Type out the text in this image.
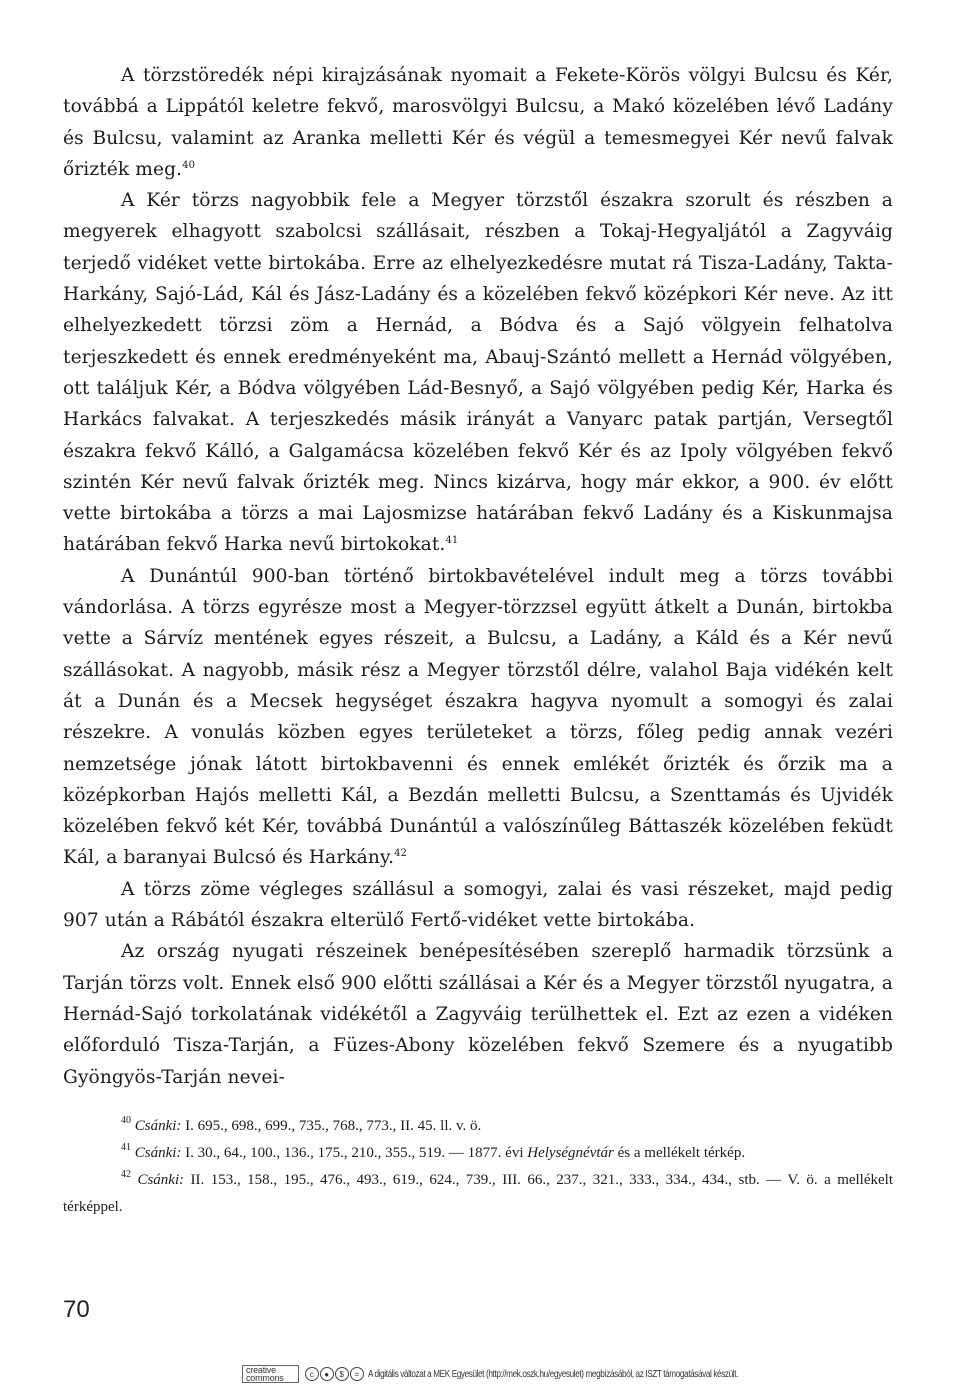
A törzstöredék népi kirajzásának nyomait a Fekete-Körös völgyi Bulcsu és Kér, továbbá a Lippától keletre fekvő, marosvölgyi Bulcsu, a Makó közelében lévő Ladány és Bulcsu, valamint az Aranka melletti Kér és végül a temesmegyei Kér nevű falvak őrizték meg.$^{40}$

A Kér törzs nagyobbik fele a Megyer törzstől északra szorult és részben a megyerek elhagyott szabolcsi szállásait, részben a Tokaj-Hegyaljától a Zagyváig terjedő vidéket vette birtokába. Erre az elhelyezkedésre mutat rá Tisza-Ladány, Takta-Harkány, Sajó-Lád, Kál és Jász-Ladány és a közelében fekvő középkori Kér neve. Az itt elhelyezkedett törzsi zöm a Hernád, a Bódva és a Sajó völgyein felhatolva terjeszkedett és ennek eredményeként ma, Abauj-Szántó mellett a Hernád völgyében, ott találjuk Kér, a Bódva völgyében Lád-Besnyő, a Sajó völgyében pedig Kér, Harka és Harkács falvakat. A terjeszkedés másik irányát a Vanyarc patak partján, Versegtől északra fekvő Kálló, a Galgamácsa közelében fekvő Kér és az Ipoly völgyében fekvő szintén Kér nevű falvak őrizték meg. Nincs kizárva, hogy már ekkor, a 900. év előtt vette birtokába a törzs a mai Lajosmizse határában fekvő Ladány és a Kiskunmajsa határában fekvő Harka nevű birtokokat.$^{41}$

A Dunántúl 900-ban történő birtokbavételével indult meg a törzs további vándorlása. A törzs egyrésze most a Megyer-törzzsel együtt átkelt a Dunán, birtokba vette a Sárvíz mentének egyes részeit, a Bulcsu, a Ladány, a Káld és a Kér nevű szállásokat. A nagyobb, másik rész a Megyer törzstől délre, valahol Baja vidékén kelt át a Dunán és a Mecsek hegységet északra hagyva nyomult a somogyi és zalai részekre. A vonulás közben egyes területeket a törzs, főleg pedig annak vezéri nemzetsége jónak látott birtokbavenni és ennek emlékét őrizték és őrzik ma a középkorban Hajós melletti Kál, a Bezdán melletti Bulcsu, a Szenttamás és Ujvidék közelében fekvő két Kér, továbbá Dunántúl a valószínűleg Báttaszék közelében feküdt Kál, a baranyai Bulcsó és Harkány.$^{42}$

A törzs zöme végleges szállásul a somogyi, zalai és vasi részeket, majd pedig 907 után a Rábától északra elterülő Fertő-vidéket vette birtokába.

Az ország nyugati részeinek benépesítésében szereplő harmadik törzsünk a Tarján törzs volt. Ennek első 900 előtti szállásai a Kér és a Megyer törzstől nyugatra, a Hernád-Sajó torkolatának vidékétől a Zagyváig terülhettek el. Ezt az ezen a vidéken előforduló Tisza-Tarján, a Füzes-Abony közelében fekvő Szemere és a nyugatibb Gyöngyös-Tarján nevei-

$^{40}$ Csánki: I. 695., 698., 699., 735., 768., 773., II. 45. ll. v. ö.

$^{41}$ Csánki: I. 30., 64., 100., 136., 175., 210., 355., 519. — 1877. évi Helységnévtár és a mellékelt térkép.

$^{42}$ Csánki: II. 153., 158., 195., 476., 493., 619., 624., 739., III. 66., 237., 321., 333., 334., 434., stb. — V. ö. a mellékelt térképpel.

70
creative commons	c	●	$	= A digitális változat a MEK Egyesület (http://mek.oszk.hu/egyesulet) megbízásából, az ISZT támogatásával készült.
